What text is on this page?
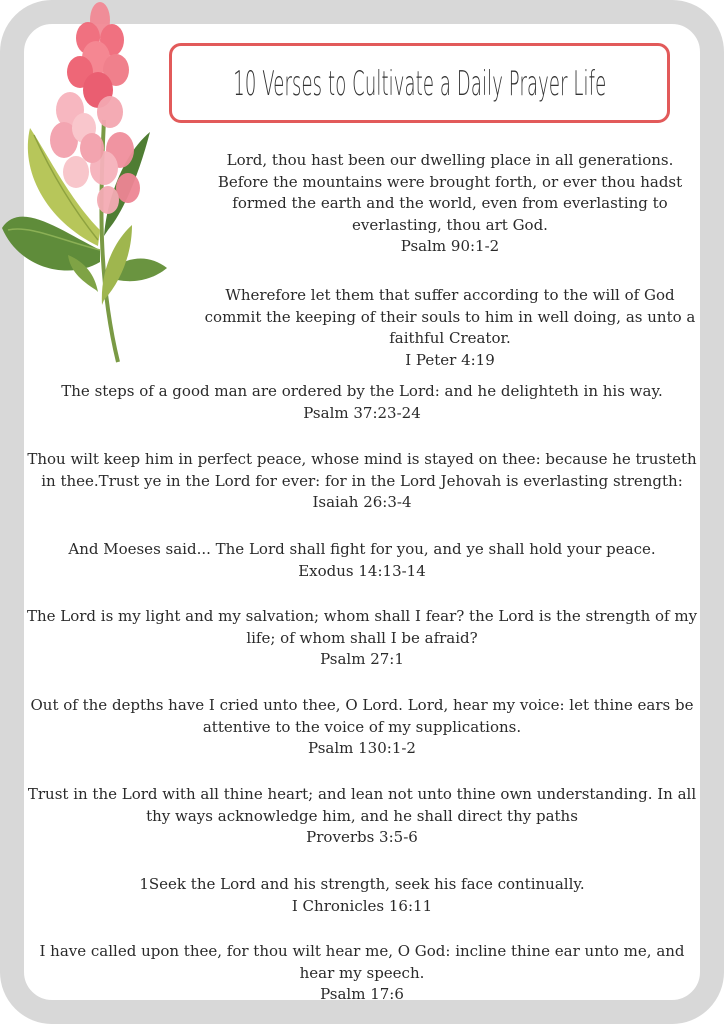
10 Verses to Cultivate a Daily Prayer Life
Lord, thou hast been our dwelling place in all generations.
Before the mountains were brought forth, or ever thou hadst
formed the earth and the world, even from everlasting to
everlasting, thou art God.
Psalm 90:1-2
Wherefore let them that suffer according to the will of God
commit the keeping of their souls to him in well doing, as unto a
faithful Creator.
I Peter 4:19
The steps of a good man are ordered by the Lord: and he delighteth in his way.
Psalm 37:23-24
Thou wilt keep him in perfect peace, whose mind is stayed on thee: because he trusteth
in thee.Trust ye in the Lord for ever: for in the Lord Jehovah is everlasting strength:
Isaiah 26:3-4
And Moeses said... The Lord shall fight for you, and ye shall hold your peace.
Exodus 14:13-14
The Lord is my light and my salvation; whom shall I fear? the Lord is the strength of my
life; of whom shall I be afraid?
Psalm 27:1
Out of the depths have I cried unto thee, O Lord. Lord, hear my voice: let thine ears be
attentive to the voice of my supplications.
Psalm 130:1-2
Trust in the Lord with all thine heart; and lean not unto thine own understanding. In all
thy ways acknowledge him, and he shall direct thy paths
Proverbs 3:5-6
1Seek the Lord and his strength, seek his face continually.
I Chronicles 16:11
I have called upon thee, for thou wilt hear me, O God: incline thine ear unto me, and
hear my speech.
Psalm 17:6
